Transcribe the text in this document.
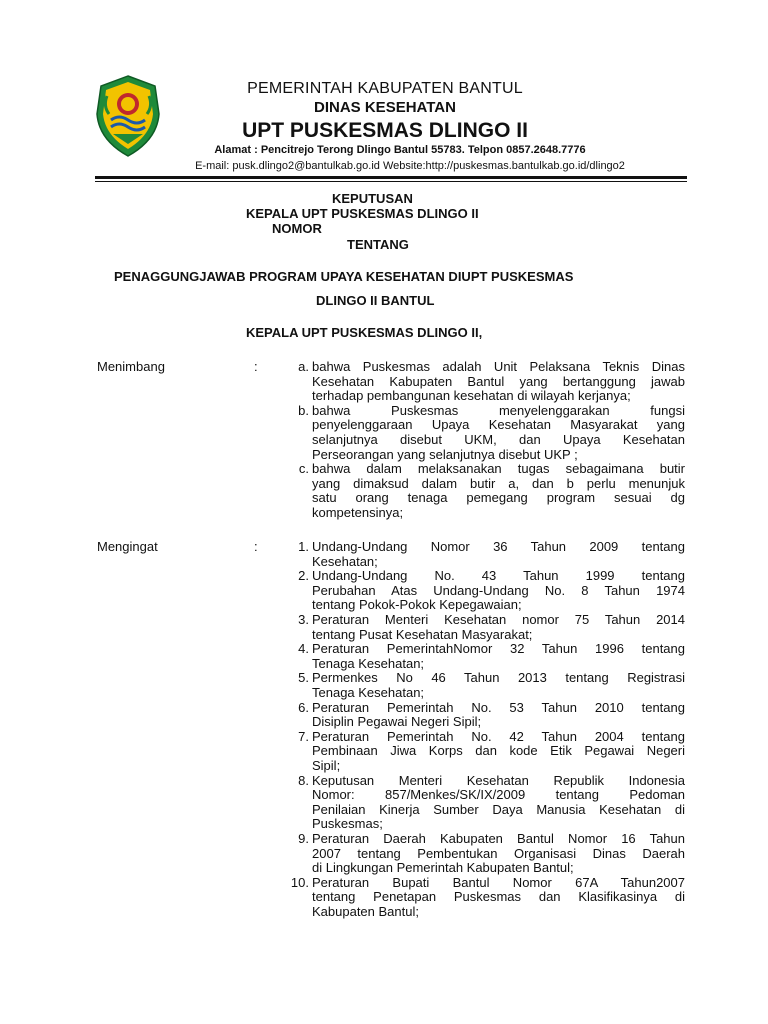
PEMERINTAH KABUPATEN BANTUL
DINAS KESEHATAN
UPT PUSKESMAS DLINGO II
Alamat : Pencitrejo Terong Dlingo Bantul 55783. Telpon 0857.2648.7776
E-mail: pusk.dlingo2@bantulkab.go.id Website:http://puskesmas.bantulkab.go.id/dlingo2
KEPUTUSAN
KEPALA UPT PUSKESMAS DLINGO II
NOMOR
TENTANG
PENAGGUNGJAWAB PROGRAM UPAYA KESEHATAN DIUPT PUSKESMAS
DLINGO II BANTUL
KEPALA UPT PUSKESMAS DLINGO II,
Menimbang	:	a. bahwa Puskesmas adalah Unit Pelaksana Teknis Dinas
Kesehatan Kabupaten Bantul yang bertanggung jawab
terhadap pembangunan kesehatan di wilayah kerjanya;
b. bahwa Puskesmas menyelenggarakan fungsi
penyelenggaraan Upaya Kesehatan Masyarakat yang
selanjutnya disebut UKM, dan Upaya Kesehatan
Perseorangan yang selanjutnya disebut UKP ;
c. bahwa dalam melaksanakan tugas sebagaimana butir
yang dimaksud dalam butir a, dan b perlu menunjuk
satu orang tenaga pemegang program sesuai dg
kompetensinya;
Mengingat	:	1. Undang-Undang Nomor 36 Tahun 2009 tentang
Kesehatan;
2. Undang-Undang No. 43 Tahun 1999 tentang
Perubahan Atas Undang-Undang No. 8 Tahun 1974
tentang Pokok-Pokok Kepegawaian;
3. Peraturan Menteri Kesehatan nomor 75 Tahun 2014
tentang Pusat Kesehatan Masyarakat;
4. Peraturan PemerintahNomor 32 Tahun 1996 tentang
Tenaga Kesehatan;
5. Permenkes No 46 Tahun 2013 tentang Registrasi
Tenaga Kesehatan;
6. Peraturan Pemerintah No. 53 Tahun 2010 tentang
Disiplin Pegawai Negeri Sipil;
7. Peraturan Pemerintah No. 42 Tahun 2004 tentang
Pembinaan Jiwa Korps dan kode Etik Pegawai Negeri
Sipil;
8. Keputusan Menteri Kesehatan Republik Indonesia
Nomor: 857/Menkes/SK/IX/2009 tentang Pedoman
Penilaian Kinerja Sumber Daya Manusia Kesehatan di
Puskesmas;
9. Peraturan Daerah Kabupaten Bantul Nomor 16 Tahun
2007 tentang Pembentukan Organisasi Dinas Daerah
di Lingkungan Pemerintah Kabupaten Bantul;
10. Peraturan Bupati Bantul Nomor 67A Tahun2007
tentang Penetapan Puskesmas dan Klasifikasinya di
Kabupaten Bantul;
